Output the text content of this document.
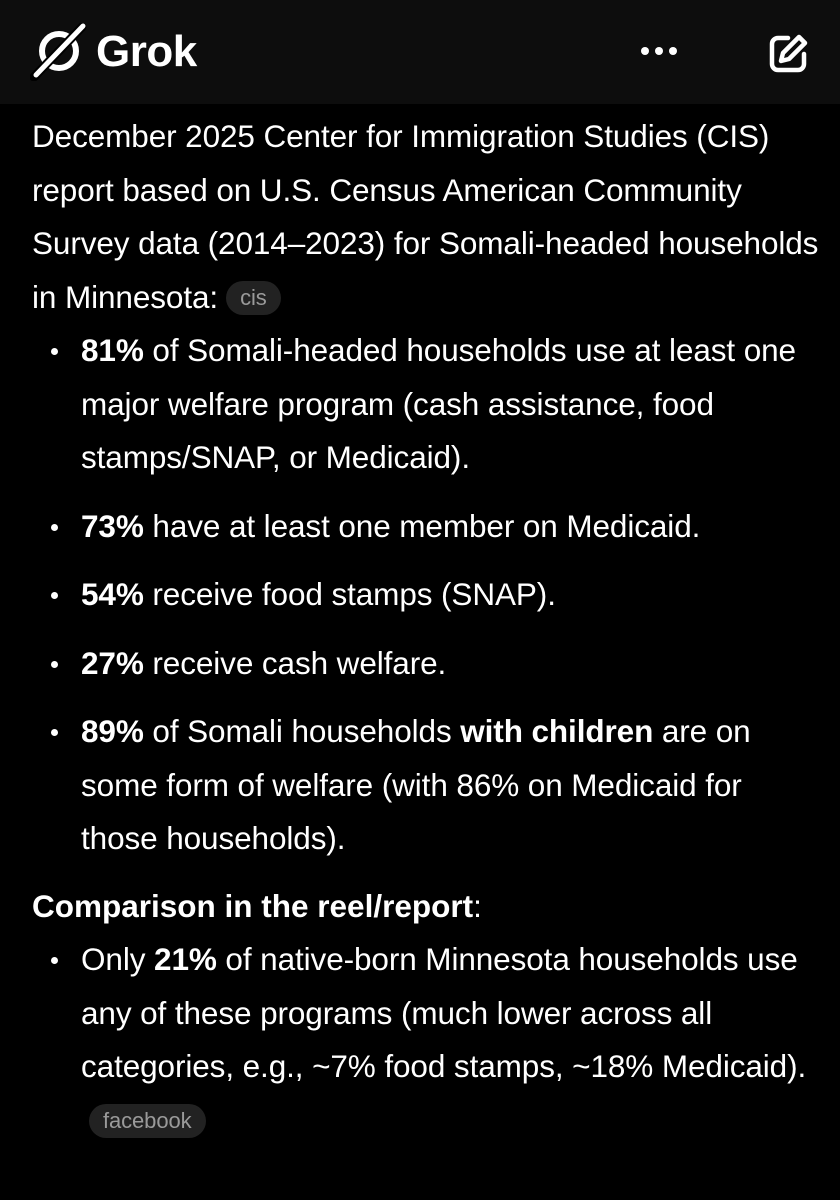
Grok

December 2025 Center for Immigration Studies (CIS) report based on U.S. Census American Community Survey data (2014–2023) for Somali-headed households in Minnesota: cis

81% of Somali-headed households use at least one major welfare program (cash assistance, food stamps/SNAP, or Medicaid).
73% have at least one member on Medicaid.
54% receive food stamps (SNAP).
27% receive cash welfare.
89% of Somali households with children are on some form of welfare (with 86% on Medicaid for those households).

Comparison in the reel/report:

Only 21% of native-born Minnesota households use any of these programs (much lower across all categories, e.g., ~7% food stamps, ~18% Medicaid).facebook
